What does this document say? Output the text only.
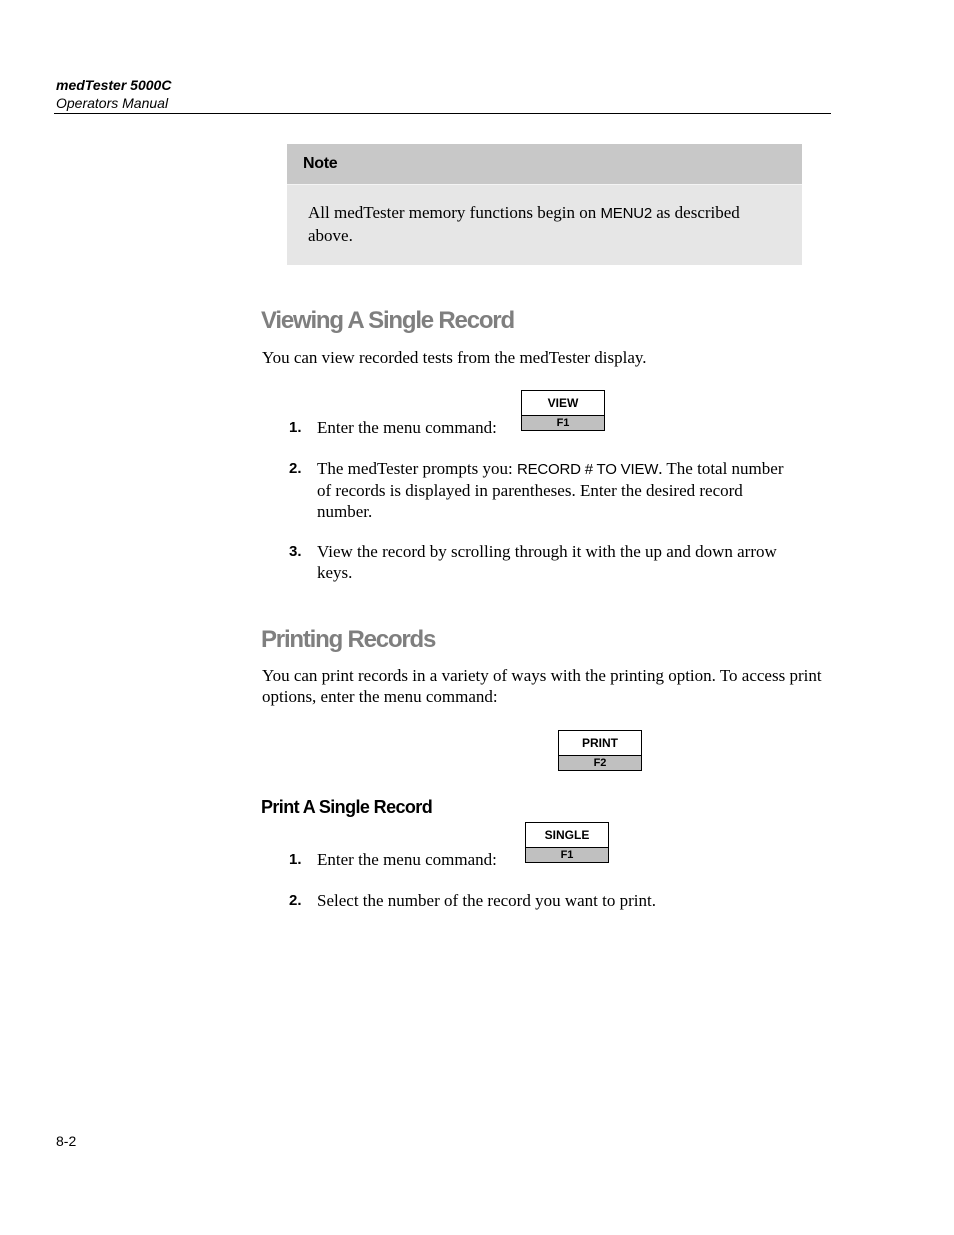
medTester 5000C
Operators Manual
Note
All medTester memory functions begin on MENU2 as described above.
Viewing A Single Record
You can view recorded tests from the medTester display.
VIEW
F1
1. Enter the menu command:
2. The medTester prompts you: RECORD # TO VIEW. The total number of records is displayed in parentheses. Enter the desired record number.
3. View the record by scrolling through it with the up and down arrow keys.
Printing Records
You can print records in a variety of ways with the printing option. To access print options, enter the menu command:
PRINT
F2
Print A Single Record
SINGLE
F1
1. Enter the menu command:
2. Select the number of the record you want to print.
8-2
